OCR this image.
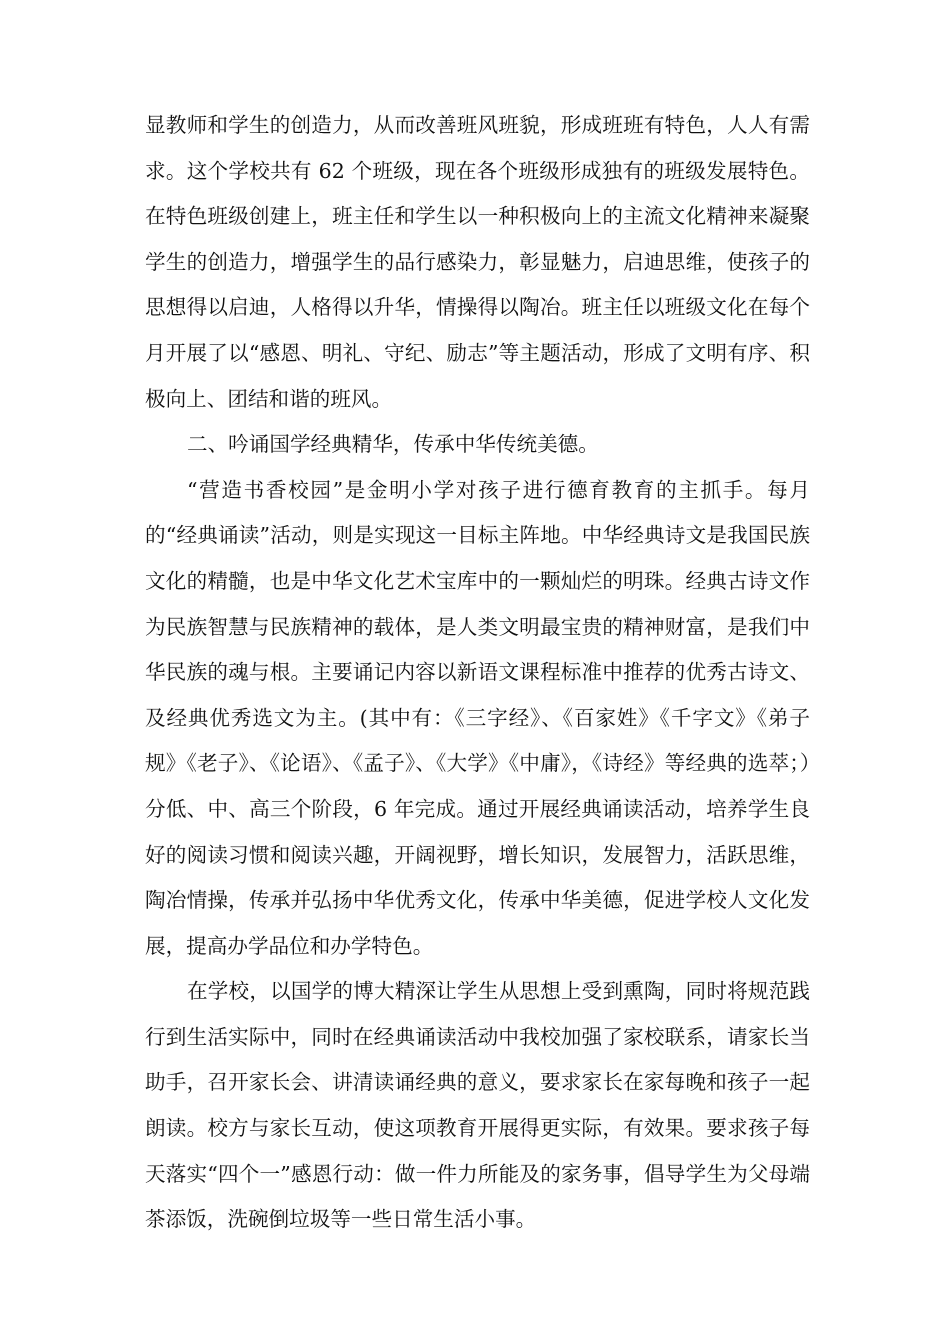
显教师和学生的创造力，从而改善班风班貌，形成班班有特色，人人有需求。这个学校共有 62 个班级，现在各个班级形成独有的班级发展特色。在特色班级创建上，班主任和学生以一种积极向上的主流文化精神来凝聚学生的创造力，增强学生的品行感染力，彰显魅力，启迪思维，使孩子的思想得以启迪，人格得以升华，情操得以陶冶。班主任以班级文化在每个月开展了以“感恩、明礼、守纪、励志”等主题活动，形成了文明有序、积极向上、团结和谐的班风。

二、吟诵国学经典精华，传承中华传统美德。

“营造书香校园”是金明小学对孩子进行德育教育的主抓手。每月的“经典诵读”活动，则是实现这一目标主阵地。中华经典诗文是我国民族文化的精髓，也是中华文化艺术宝库中的一颗灿烂的明珠。经典古诗文作为民族智慧与民族精神的载体，是人类文明最宝贵的精神财富，是我们中华民族的魂与根。主要诵记内容以新语文课程标准中推荐的优秀古诗文、及经典优秀选文为主。(其中有：《三字经》、《百家姓》《千字文》《弟子规》《老子》、《论语》、《孟子》、《大学》《中庸》，《诗经》等经典的选萃；）分低、中、高三个阶段，6 年完成。通过开展经典诵读活动，培养学生良好的阅读习惯和阅读兴趣，开阔视野，增长知识，发展智力，活跃思维，陶冶情操，传承并弘扬中华优秀文化，传承中华美德，促进学校人文化发展，提高办学品位和办学特色。

在学校，以国学的博大精深让学生从思想上受到熏陶，同时将规范践行到生活实际中，同时在经典诵读活动中我校加强了家校联系，请家长当助手，召开家长会、讲清读诵经典的意义，要求家长在家每晚和孩子一起朗读。校方与家长互动，使这项教育开展得更实际，有效果。要求孩子每天落实“四个一”感恩行动：做一件力所能及的家务事，倡导学生为父母端茶添饭，洗碗倒垃圾等一些日常生活小事。
